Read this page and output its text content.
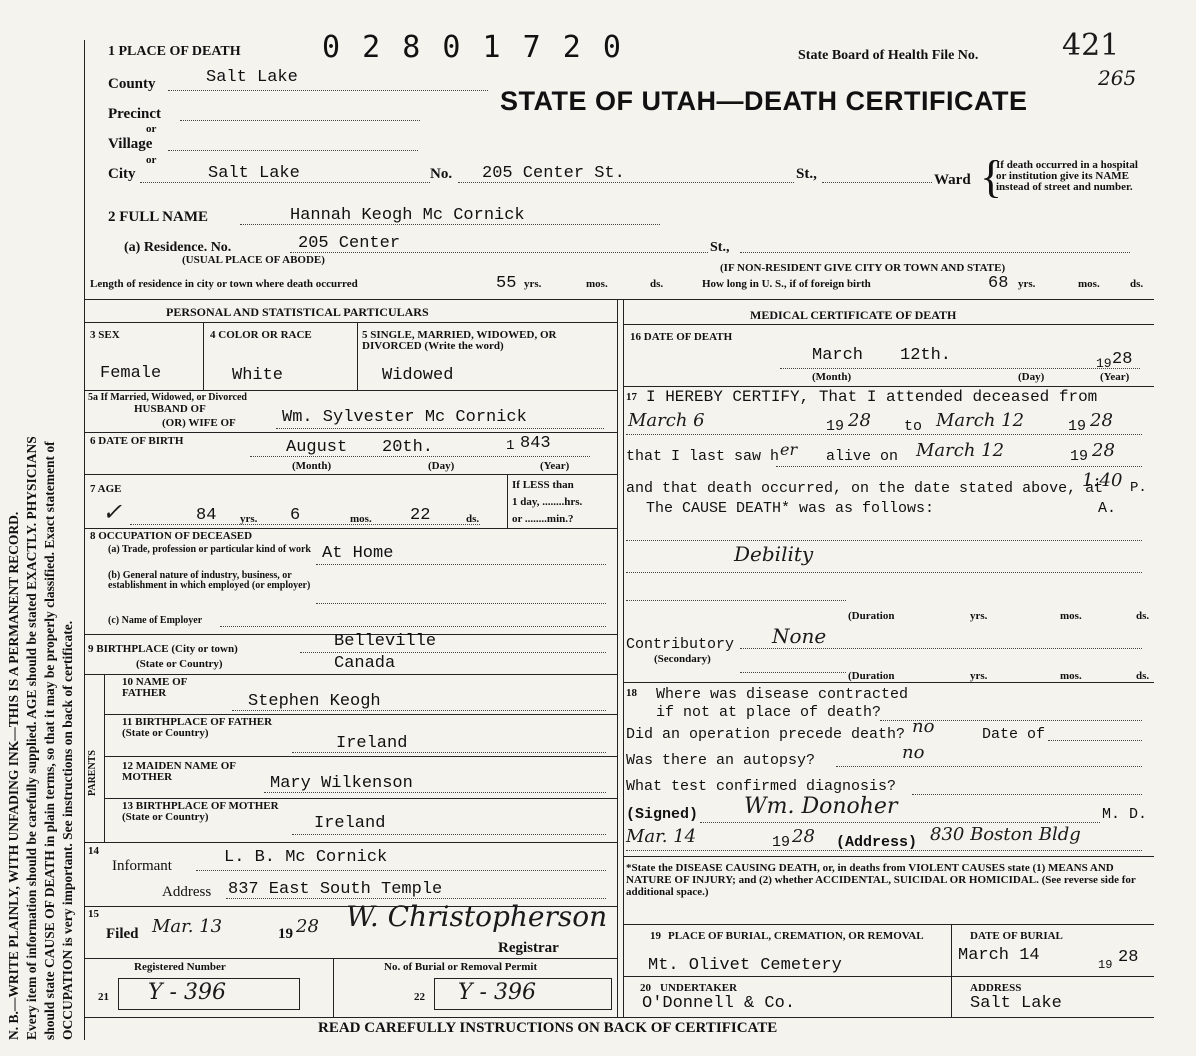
N. B.—WRITE PLAINLY, WITH UNFADING INK—THIS IS A PERMANENT RECORD. Every item of information should be carefully supplied. AGE should be stated EXACTLY. PHYSICIANS should state CAUSE OF DEATH in plain terms, so that it may be properly classified. Exact statement of OCCUPATION is very important. See instructions on back of certificate.
1 PLACE OF DEATH	0 2 8 0 1 7 2 0	State Board of Health File No.	421
265
STATE OF UTAH—DEATH CERTIFICATE
County	Salt Lake
Precinct
or
Village
or
City	Salt Lake	No. 205 Center St.	St.,	Ward {
If death occurred in a hospital or institution give its NAME instead of street and number.
2 FULL NAME	Hannah Keogh Mc Cornick
(a) Residence. No.	205 Center
(USUAL PLACE OF ABODE)
St.,
(IF NON-RESIDENT GIVE CITY OR TOWN AND STATE)
Length of residence in city or town where death occurred	55 yrs.	mos.	ds.	How long in U. S., if of foreign birth	68 yrs.	mos.	ds.
PERSONAL AND STATISTICAL PARTICULARS	MEDICAL CERTIFICATE OF DEATH
3 SEX
Female
4 COLOR OR RACE
White
5 SINGLE, MARRIED, WIDOWED, OR DIVORCED (Write the word)
Widowed
5a If Married, Widowed, or Divorced
HUSBAND OF
(OR) WIFE OF	Wm. Sylvester Mc Cornick
6 DATE OF BIRTH	August 20th.	1 843
(Month)	(Day)	(Year)
7 AGE
✓	84 yrs. 6	mos. 22	ds.
If LESS than
1 day, ........hrs.
or ........min.?
8 OCCUPATION OF DECEASED
(a) Trade, profession or particular kind of work At Home
(b) General nature of industry, business, or establishment in which employed (or employer)
(c) Name of Employer
9 BIRTHPLACE (City or town)	Belleville
(State or Country)	Canada
PARENTS
10 NAME OF FATHER	Stephen Keogh
11 BIRTHPLACE OF FATHER (State or Country)
Ireland
12 MAIDEN NAME OF MOTHER	Mary Wilkenson
13 BIRTHPLACE OF MOTHER (State or Country)	Ireland
14
Informant	L. B. Mc Cornick
Address 837 East South Temple
15
Filed Mar. 13	19 28 W. Christopherson
Registrar
Registered Number	No. of Burial or Removal Permit
21 Y - 396	22 Y - 396
16 DATE OF DEATH
March 12th.	19 28
(Month)	(Day)	(Year)
17 I HEREBY CERTIFY, That I attended deceased from
March 6	19 28 to March 12	19 28
that I last saw h er alive on March 12	19 28
and that death occurred, on the date stated above, at
1:40 P.
The CAUSE DEATH* was as follows:	A.
Debility
(Duration	yrs.	mos.	ds.
Contributory
(Secondary)
None
(Duration	yrs.	mos.	ds.
18 Where was disease contracted
if not at place of death?
Did an operation precede death? no	Date of
Was there an autopsy?	no
What test confirmed diagnosis?
(Signed) Wm. Donoher	M. D.
Mar. 14	19 28 (Address) 830 Boston Bldg
*State the DISEASE CAUSING DEATH, or, in deaths from VIOLENT CAUSES state (1) MEANS AND NATURE OF INJURY; and (2) whether ACCIDENTAL, SUICIDAL OR HOMICIDAL. (See reverse side for additional space.)
19 PLACE OF BURIAL, CREMATION, OR REMOVAL
Mt. Olivet Cemetery
DATE OF BURIAL
March 14	19 28
20 UNDERTAKER
O'Donnell & Co.
ADDRESS
Salt Lake
READ CAREFULLY INSTRUCTIONS ON BACK OF CERTIFICATE
